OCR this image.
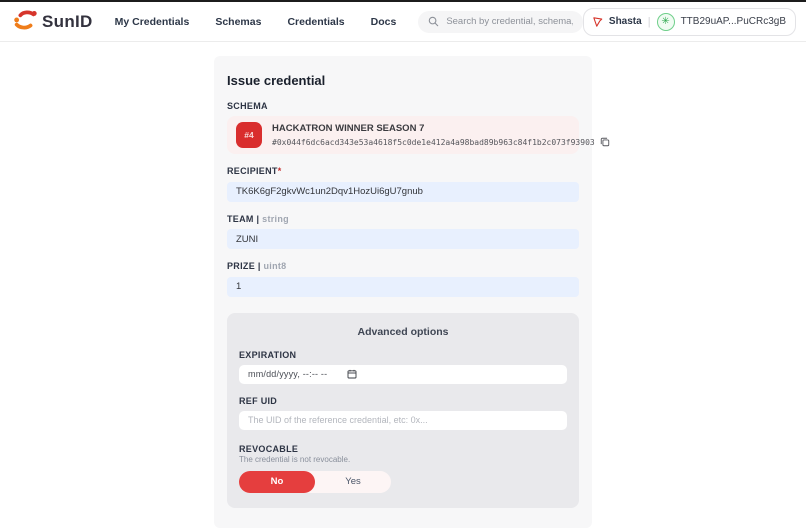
SunID My Credentials Schemas Credentials Docs
Search by credential, schema, address, etc.	Shasta |	✳	TTB29uAP...PuCRc3gB
Issue credential
SCHEMA
#4
HACKATRON WINNER SEASON 7
#0x044f6dc6acd343e53a4618f5c0de1e412a4a98bad89b963c84f1b2c073f93903
RECIPIENT*
TK6K6gF2gkvWc1un2Dqv1HozUi6gU7gnub
TEAM | string
ZUNI
PRIZE | uint8
1
Advanced options
EXPIRATION
mm/dd/yyyy, --:-- --
REF UID
The UID of the reference credential, etc: 0x...
REVOCABLE
The credential is not revocable.
No	Yes
